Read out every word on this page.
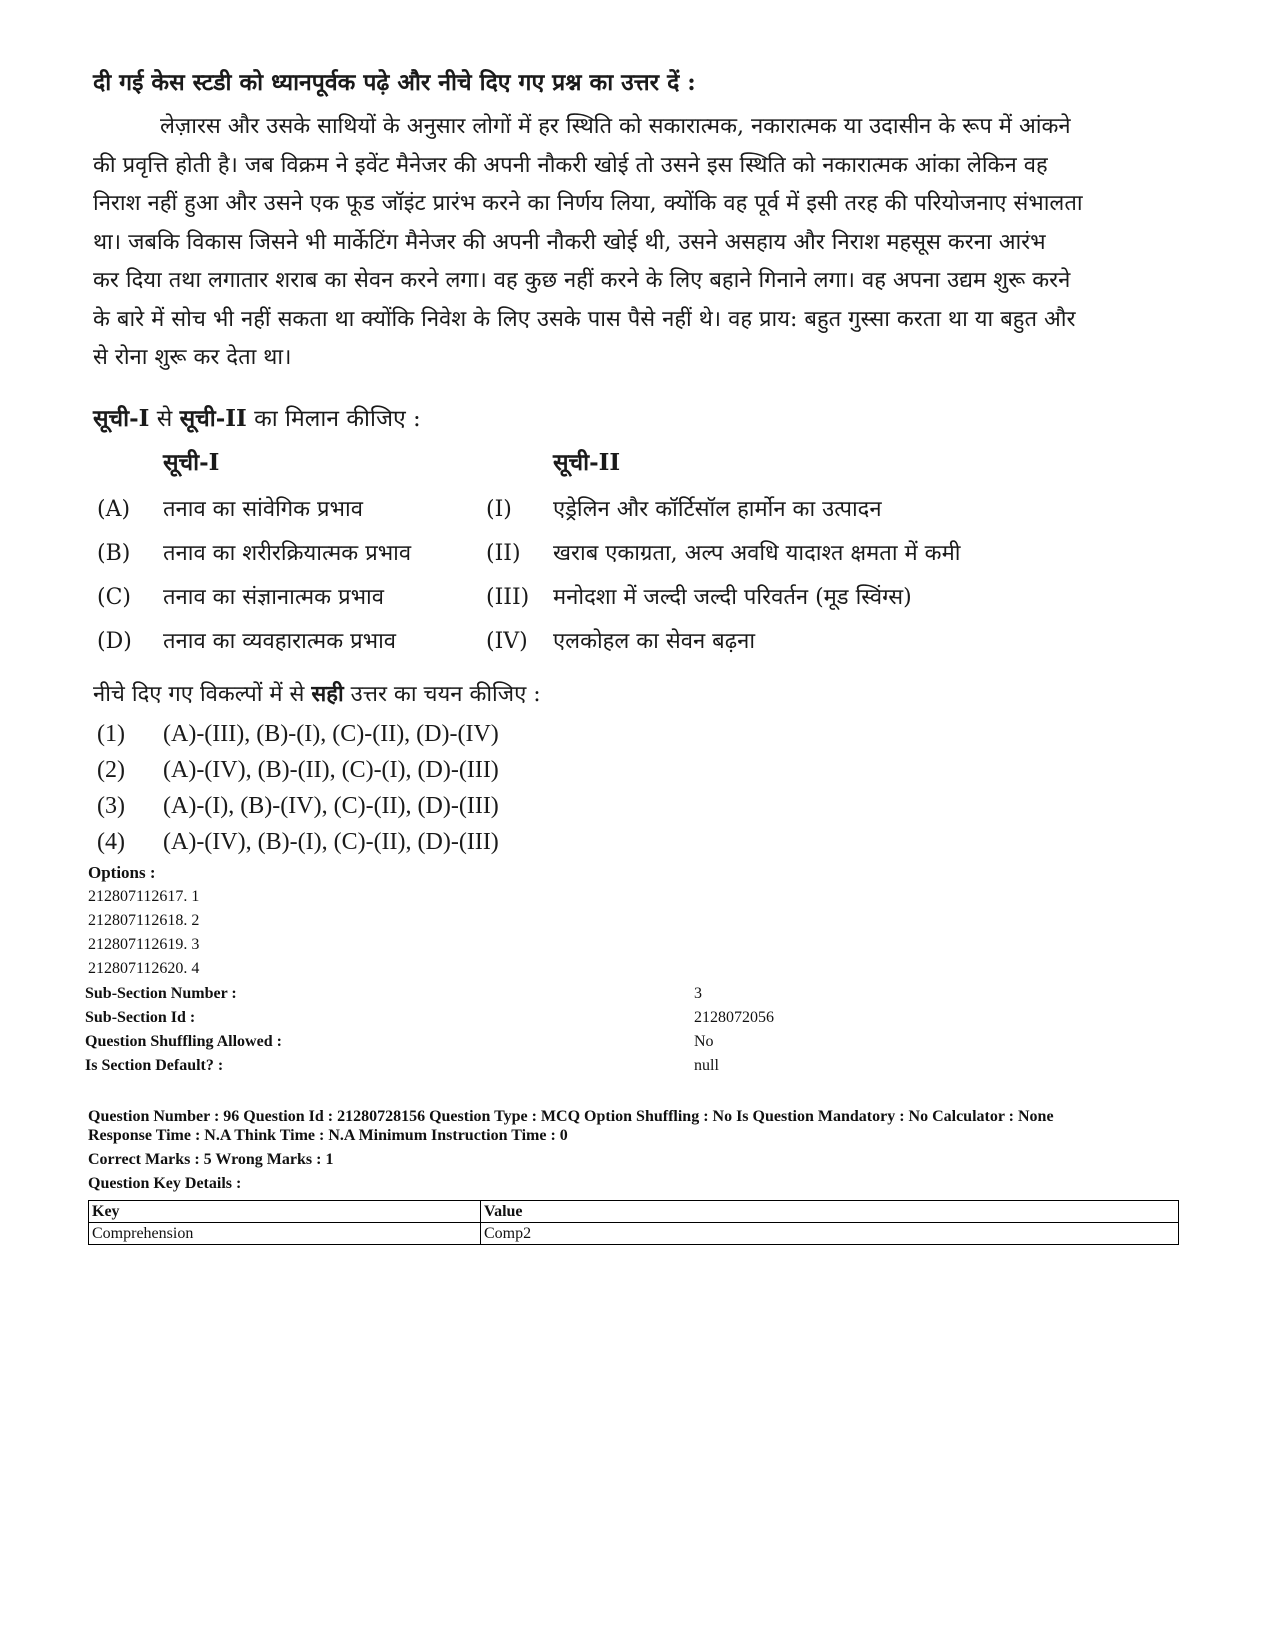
दी गई केस स्टडी को ध्यानपूर्वक पढ़े और नीचे दिए गए प्रश्न का उत्तर दें :
लेज़ारस और उसके साथियों के अनुसार लोगों में हर स्थिति को सकारात्मक, नकारात्मक या उदासीन के रूप में आंकने
की प्रवृत्ति होती है। जब विक्रम ने इवेंट मैनेजर की अपनी नौकरी खोई तो उसने इस स्थिति को नकारात्मक आंका लेकिन वह
निराश नहीं हुआ और उसने एक फूड जॉइंट प्रारंभ करने का निर्णय लिया, क्योंकि वह पूर्व में इसी तरह की परियोजनाए संभालता
था। जबकि विकास जिसने भी मार्केटिंग मैनेजर की अपनी नौकरी खोई थी, उसने असहाय और निराश महसूस करना आरंभ
कर दिया तथा लगातार शराब का सेवन करने लगा। वह कुछ नहीं करने के लिए बहाने गिनाने लगा। वह अपना उद्यम शुरू करने
के बारे में सोच भी नहीं सकता था क्योंकि निवेश के लिए उसके पास पैसे नहीं थे। वह प्राय: बहुत गुस्सा करता था या बहुत और
से रोना शुरू कर देता था।
सूची-I से सूची-II का मिलान कीजिए :
सूची-I	सूची-II
(A) तनाव का सांवेगिक प्रभाव	(I) एड्रेलिन और कॉर्टिसॉल हार्मोन का उत्पादन
(B) तनाव का शरीरक्रियात्मक प्रभाव	(II) खराब एकाग्रता, अल्प अवधि यादाश्त क्षमता में कमी
(C) तनाव का संज्ञानात्मक प्रभाव	(III) मनोदशा में जल्दी जल्दी परिवर्तन (मूड स्विंग्स)
(D) तनाव का व्यवहारात्मक प्रभाव	(IV) एलकोहल का सेवन बढ़ना
नीचे दिए गए विकल्पों में से सही उत्तर का चयन कीजिए :
(1) (A)-(III), (B)-(I), (C)-(II), (D)-(IV)
(2) (A)-(IV), (B)-(II), (C)-(I), (D)-(III)
(3) (A)-(I), (B)-(IV), (C)-(II), (D)-(III)
(4) (A)-(IV), (B)-(I), (C)-(II), (D)-(III)
Options :
212807112617. 1
212807112618. 2
212807112619. 3
212807112620. 4
Sub-Section Number :	3
Sub-Section Id :	2128072056
Question Shuffling Allowed :	No
Is Section Default? :	null
Question Number : 96 Question Id : 21280728156 Question Type : MCQ Option Shuffling : No Is Question Mandatory : No Calculator : None
Response Time : N.A Think Time : N.A Minimum Instruction Time : 0
Correct Marks : 5 Wrong Marks : 1
Question Key Details :
Key	Value
Comprehension	Comp2
